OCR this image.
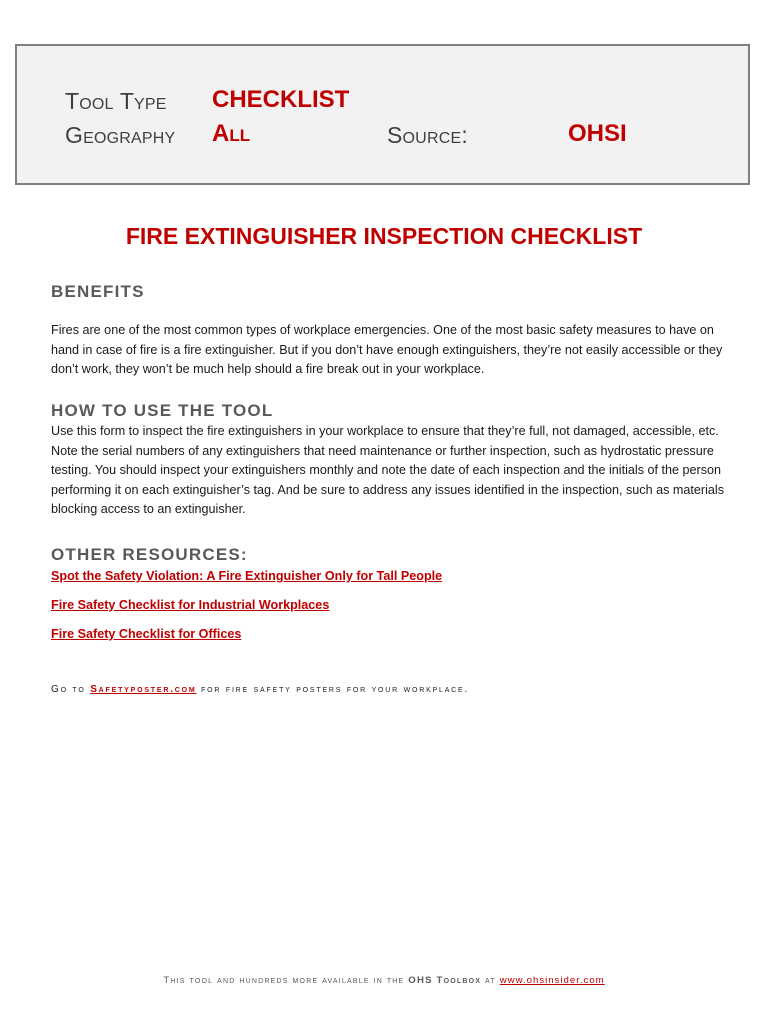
Tool Type CHECKLIST
Geography All	Source:	OHSI
FIRE EXTINGUISHER INSPECTION CHECKLIST
BENEFITS
Fires are one of the most common types of workplace emergencies. One of the most basic safety measures to have on hand in case of fire is a fire extinguisher. But if you don’t have enough extinguishers, they’re not easily accessible or they don’t work, they won’t be much help should a fire break out in your workplace.
HOW TO USE THE TOOL
Use this form to inspect the fire extinguishers in your workplace to ensure that they’re full, not damaged, accessible, etc. Note the serial numbers of any extinguishers that need maintenance or further inspection, such as hydrostatic pressure testing. You should inspect your extinguishers monthly and note the date of each inspection and the initials of the person performing it on each extinguisher’s tag. And be sure to address any issues identified in the inspection, such as materials blocking access to an extinguisher.
OTHER RESOURCES:
Spot the Safety Violation: A Fire Extinguisher Only for Tall People
Fire Safety Checklist for Industrial Workplaces
Fire Safety Checklist for Offices
Go to Safetyposter.com for fire safety posters for your workplace.
This tool and hundreds more available in the OHS Toolbox at www.ohsinsider.com
